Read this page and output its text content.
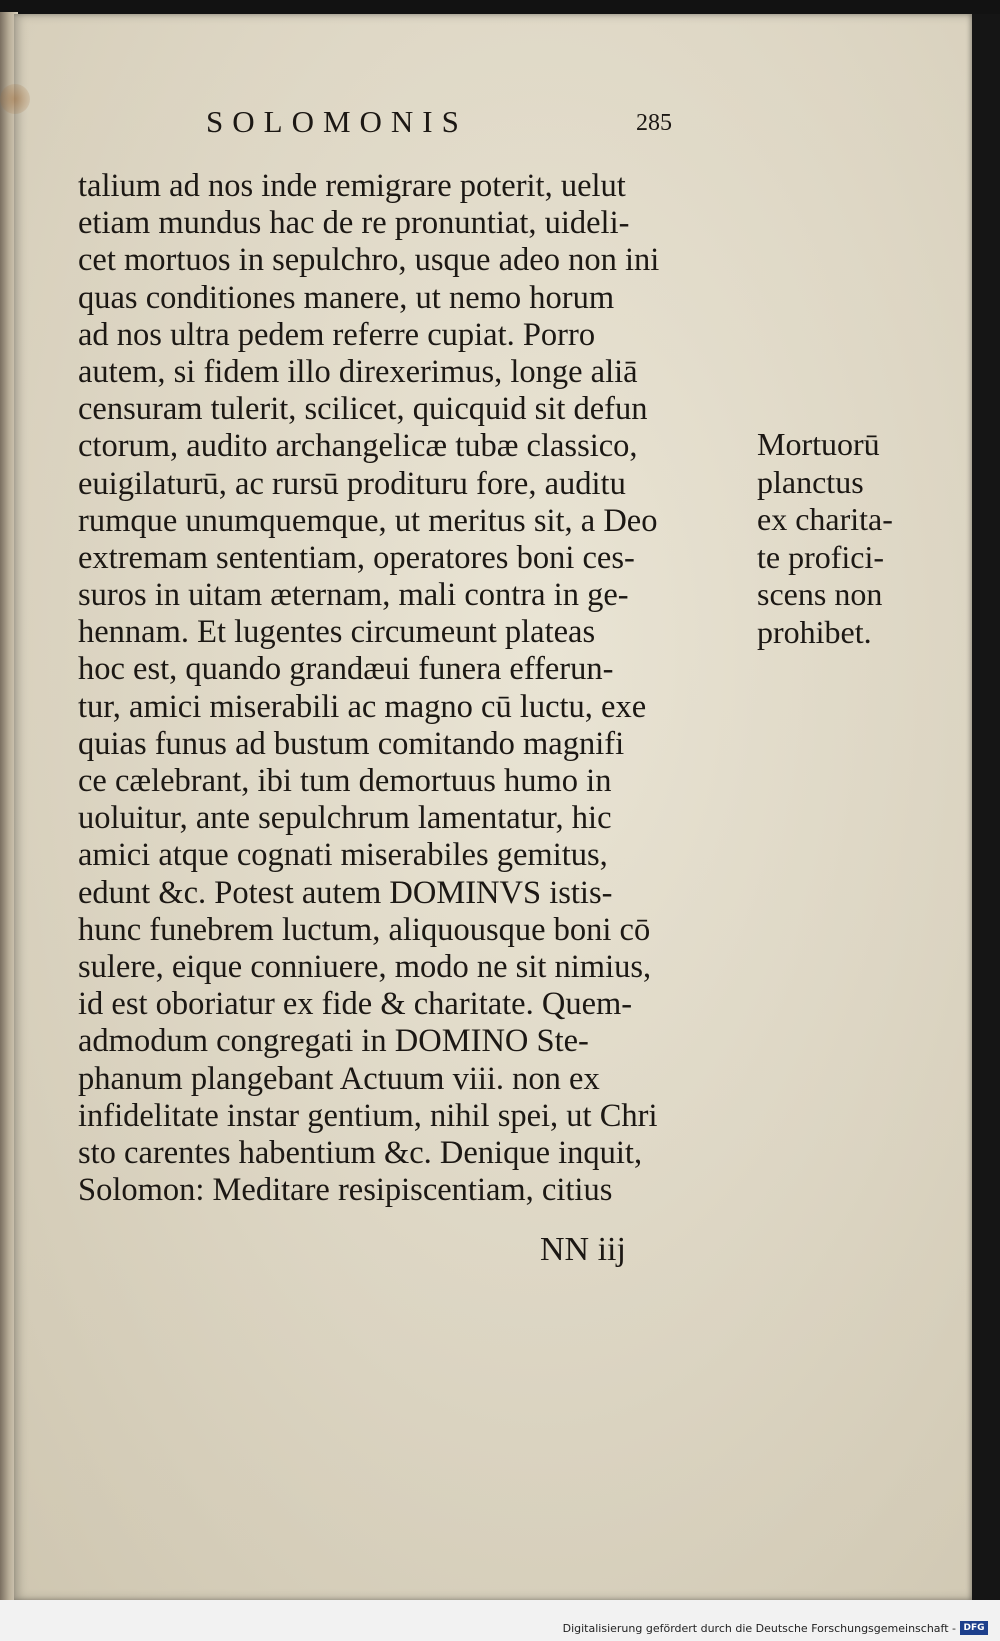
SOLOMONIS	285
talium ad nos inde remigrare poterit, uelut
etiam mundus hac de re pronuntiat, uideli-
cet mortuos in sepulchro, usque adeo non ini
quas conditiones manere, ut nemo horum
ad nos ultra pedem referre cupiat. Porro
autem, si fidem illo direxerimus, longe aliā
censuram tulerit, scilicet, quicquid sit defun
ctorum, audito archangelicæ tubæ classico,
euigilaturū, ac rursū prodituru fore, auditu
rumque unumquemque, ut meritus sit, a Deo
extremam sententiam, operatores boni ces-
suros in uitam æternam, mali contra in ge-
hennam. Et lugentes circumeunt plateas
hoc est, quando grandæui funera efferun-
tur, amici miserabili ac magno cū luctu, exe
quias funus ad bustum comitando magnifi
ce cælebrant, ibi tum demortuus humo in
uoluitur, ante sepulchrum lamentatur, hic
amici atque cognati miserabiles gemitus,
edunt &c. Potest autem DOMINVS istis-
hunc funebrem luctum, aliquousque boni cō
sulere, eique conniuere, modo ne sit nimius,
id est oboriatur ex fide & charitate. Quem-
admodum congregati in DOMINO Ste-
phanum plangebant Actuum viii. non ex
infidelitate instar gentium, nihil spei, ut Chri
sto carentes habentium &c. Denique inquit,
Solomon: Meditare resipiscentiam, citius
Mortuorū
planctus
ex charita-
te profici-
scens non
prohibet.
NN iij
Digitalisierung gefördert durch die Deutsche Forschungsgemeinschaft - DFG
